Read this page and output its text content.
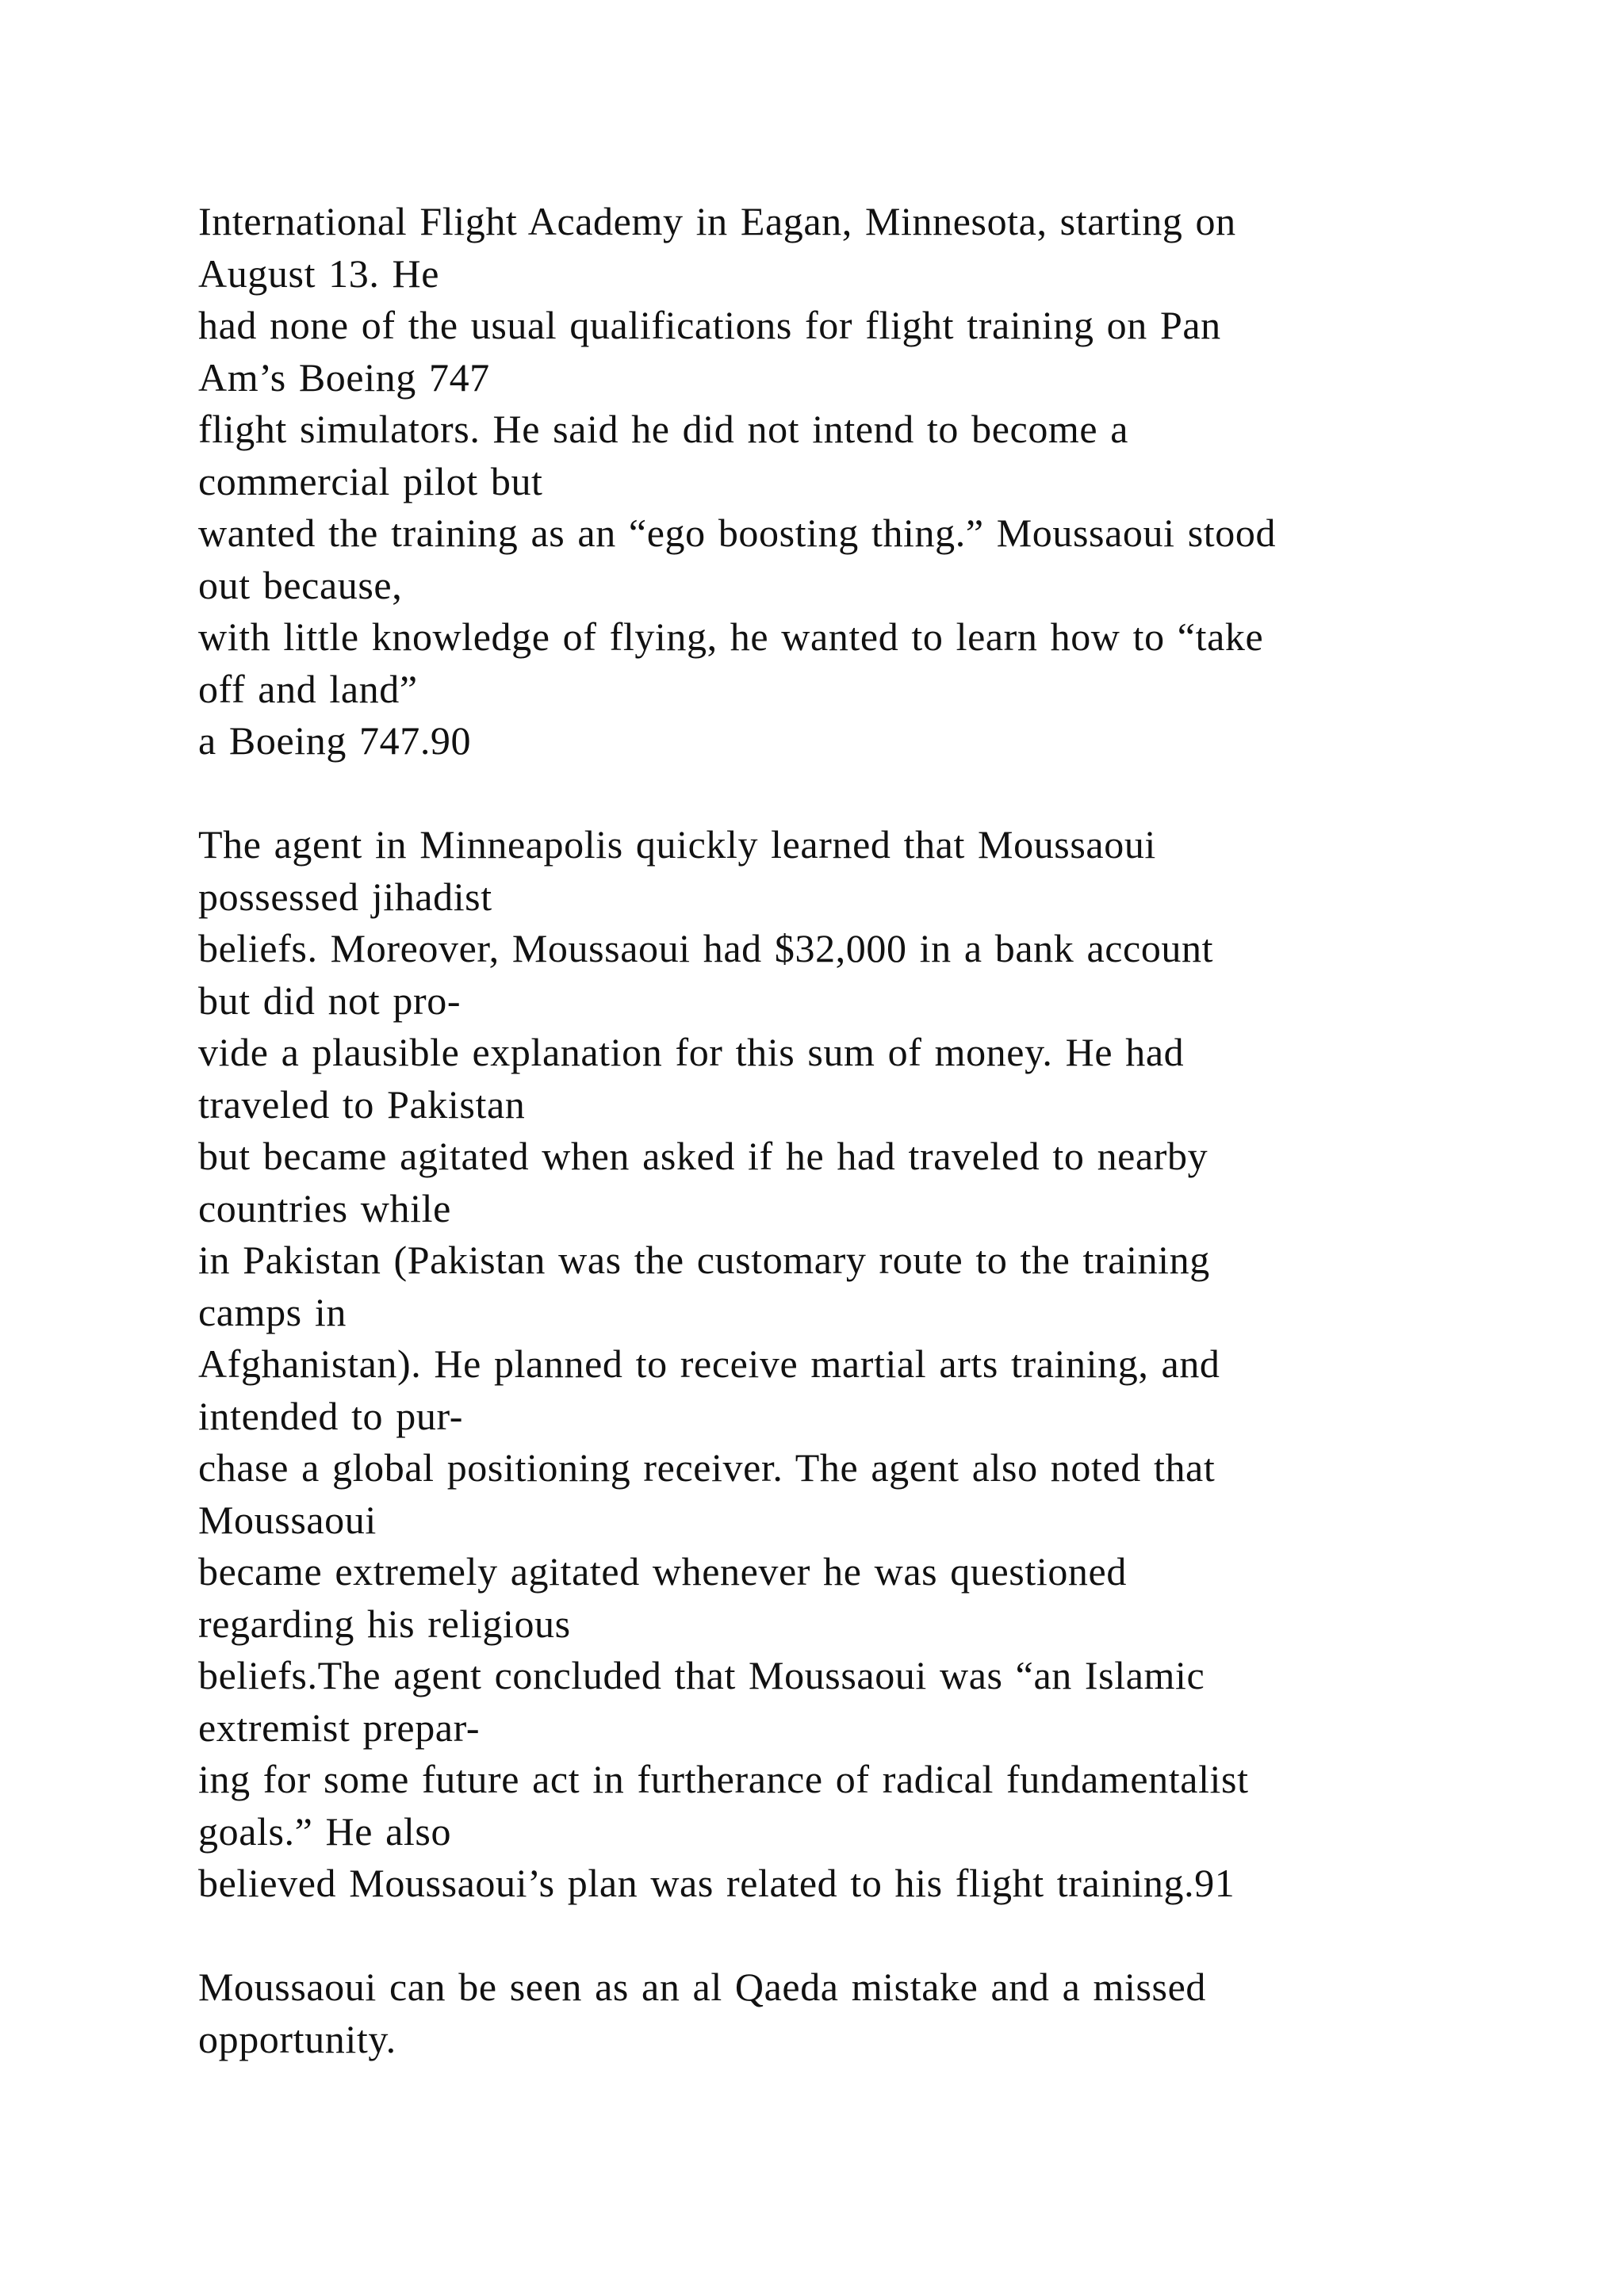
International Flight Academy in Eagan, Minnesota, starting on
August 13. He
had none of the usual qualifications for flight training on Pan
Am’s Boeing 747
flight simulators. He said he did not intend to become a
commercial pilot but
wanted the training as an “ego boosting thing.” Moussaoui stood
out because,
with little knowledge of flying, he wanted to learn how to “take
off and land”
a Boeing 747.90
The agent in Minneapolis quickly learned that Moussaoui
possessed jihadist
beliefs. Moreover, Moussaoui had $32,000 in a bank account
but did not pro-
vide a plausible explanation for this sum of money. He had
traveled to Pakistan
but became agitated when asked if he had traveled to nearby
countries while
in Pakistan (Pakistan was the customary route to the training
camps in
Afghanistan). He planned to receive martial arts training, and
intended to pur-
chase a global positioning receiver. The agent also noted that
Moussaoui
became extremely agitated whenever he was questioned
regarding his religious
beliefs.The agent concluded that Moussaoui was “an Islamic
extremist prepar-
ing for some future act in furtherance of radical fundamentalist
goals.” He also
believed Moussaoui’s plan was related to his flight training.91
Moussaoui can be seen as an al Qaeda mistake and a missed
opportunity.
